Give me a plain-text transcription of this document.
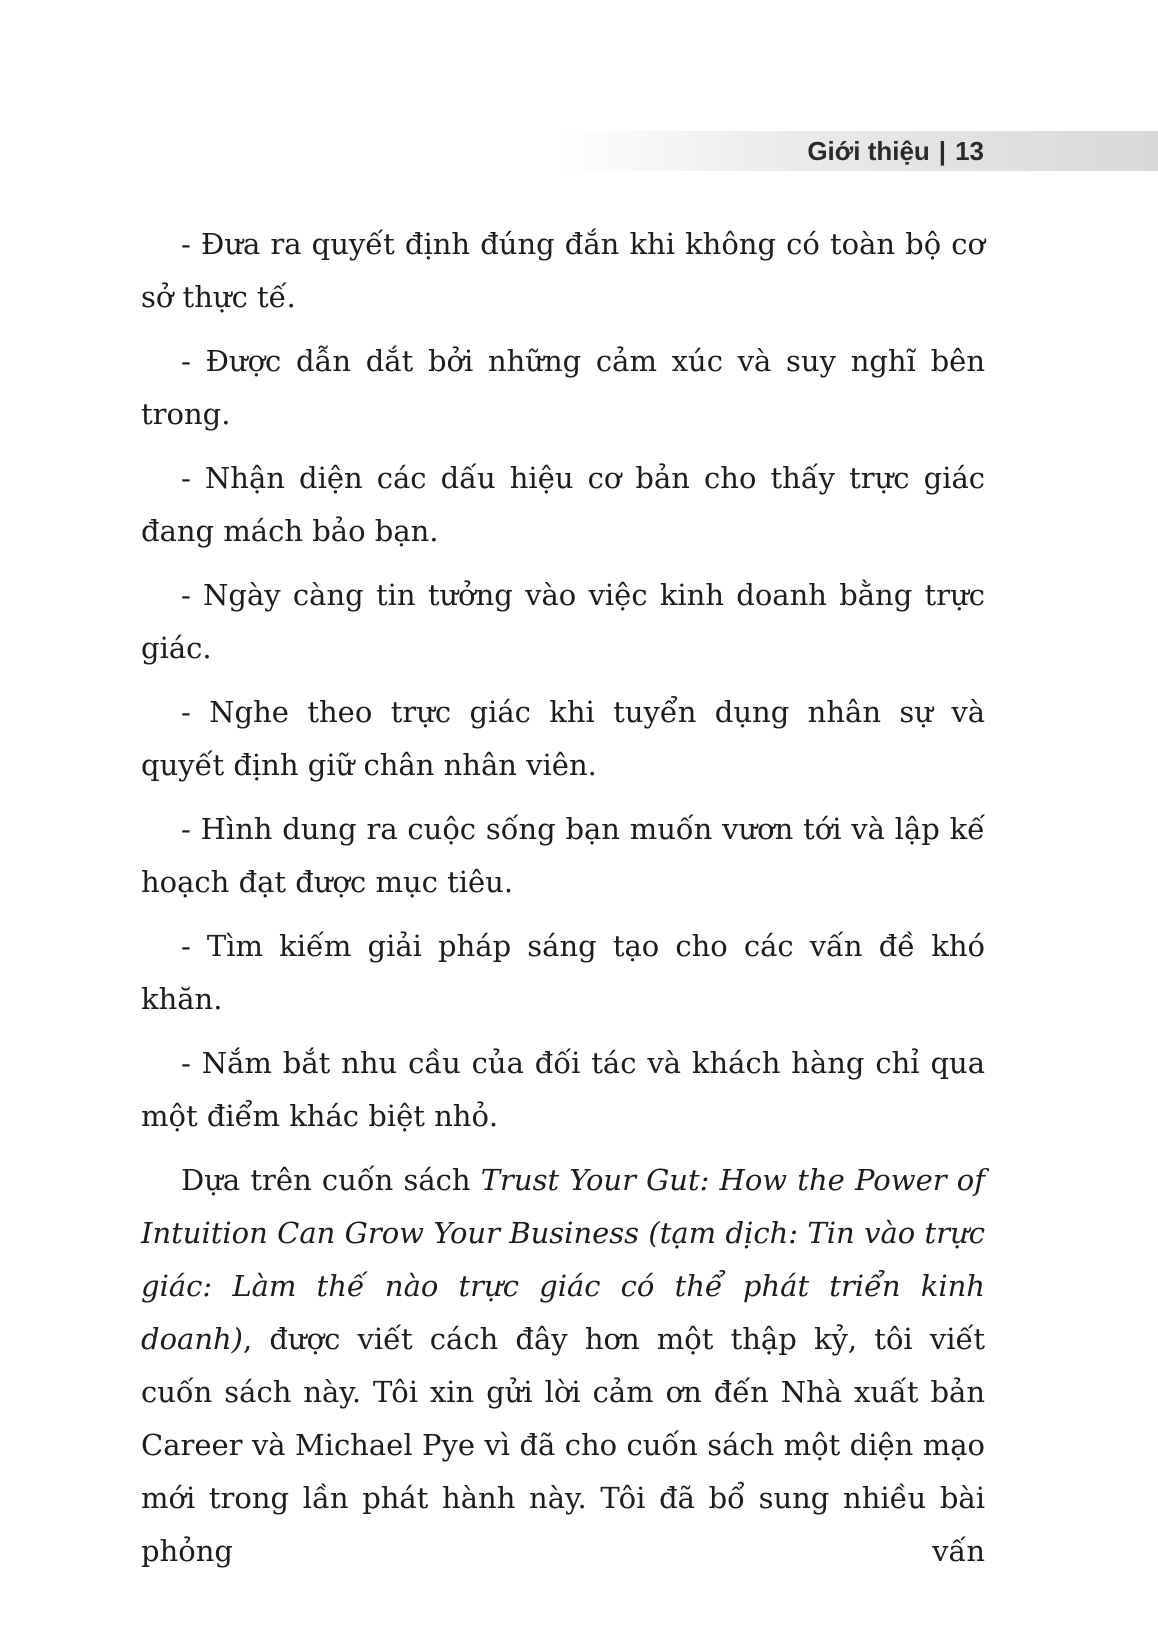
Giới thiệu | 13

- Đưa ra quyết định đúng đắn khi không có toàn bộ cơ sở thực tế.

- Được dẫn dắt bởi những cảm xúc và suy nghĩ bên trong.

- Nhận diện các dấu hiệu cơ bản cho thấy trực giác đang mách bảo bạn.

- Ngày càng tin tưởng vào việc kinh doanh bằng trực giác.

- Nghe theo trực giác khi tuyển dụng nhân sự và quyết định giữ chân nhân viên.

- Hình dung ra cuộc sống bạn muốn vươn tới và lập kế hoạch đạt được mục tiêu.

- Tìm kiếm giải pháp sáng tạo cho các vấn đề khó khăn.

- Nắm bắt nhu cầu của đối tác và khách hàng chỉ qua một điểm khác biệt nhỏ.

Dựa trên cuốn sách Trust Your Gut: How the Power of Intuition Can Grow Your Business (tạm dịch: Tin vào trực giác: Làm thế nào trực giác có thể phát triển kinh doanh), được viết cách đây hơn một thập kỷ, tôi viết cuốn sách này. Tôi xin gửi lời cảm ơn đến Nhà xuất bản Career và Michael Pye vì đã cho cuốn sách một diện mạo mới trong lần phát hành này. Tôi đã bổ sung nhiều bài phỏng vấn
